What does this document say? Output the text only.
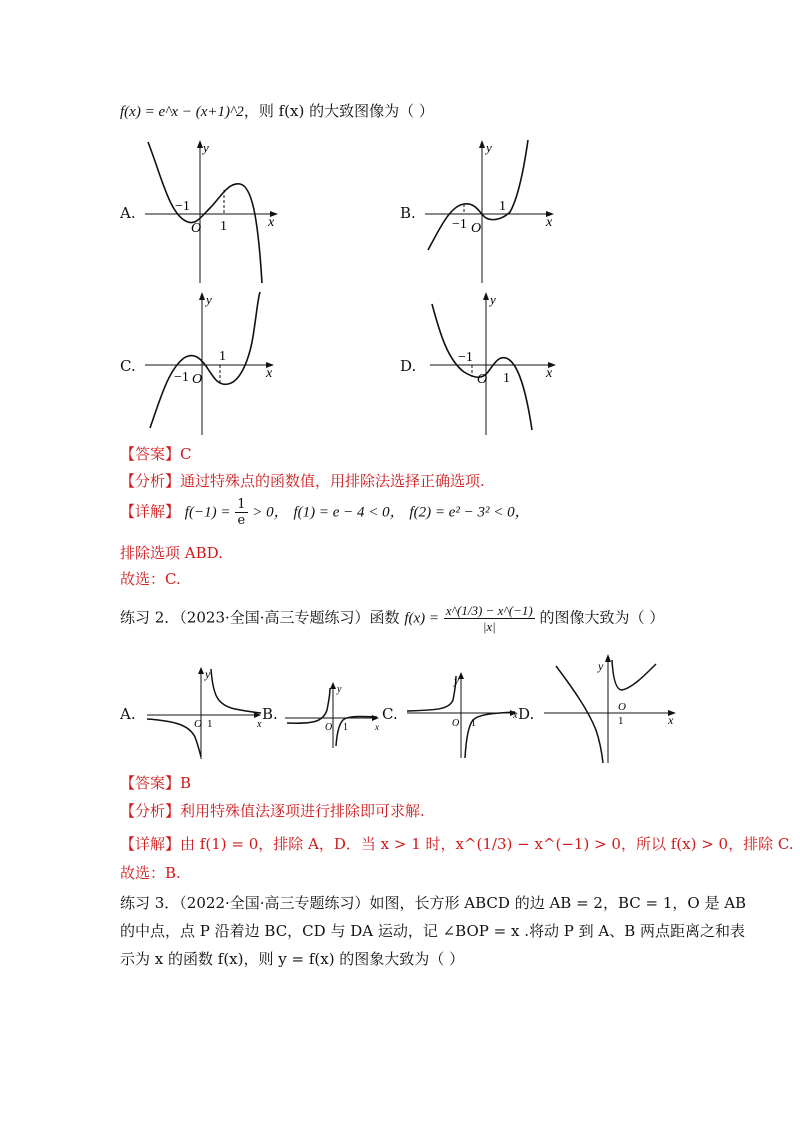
f(x) = e^x − (x+1)^2，则 f(x) 的大致图像为（ ）
A.	B.
C.	D.
−1
1
O	x
y
−1
1
O	x
y
−1
1
O	x
y
−1
1
O	x
y
【答案】C
【分析】通过特殊点的函数值，用排除法选择正确选项.
【详解】 $f(-1) = \frac{1}{e} > 0$， f(1) = e − 4 < 0， f(2) = e² − 3² < 0，
排除选项 ABD.
故选：C.
练习 2．（2023·全国·高三专题练习）函数 $f(x) = \frac{x\^{}(1/3) - x\^{}(-1)}{|x|}$ 的图像大致为（ ）
A.	B.	C.	D.
y
O 1	x
y
O 1	x
y
O 1
x
y
O
1	x
【答案】B
【分析】利用特殊值法逐项进行排除即可求解.
【详解】由 f(1) = 0，排除 A，D．当 x > 1 时，x^(1/3) − x^(−1) > 0，所以 f(x) > 0，排除 C.
故选：B.
练习 3．（2022·全国·高三专题练习）如图，长方形 ABCD 的边 AB = 2，BC = 1，O 是 AB
的中点，点 P 沿着边 BC，CD 与 DA 运动，记 ∠BOP = x .将动 P 到 A、B 两点距离之和表
示为 x 的函数 f(x)，则 y = f(x) 的图象大致为（ ）
